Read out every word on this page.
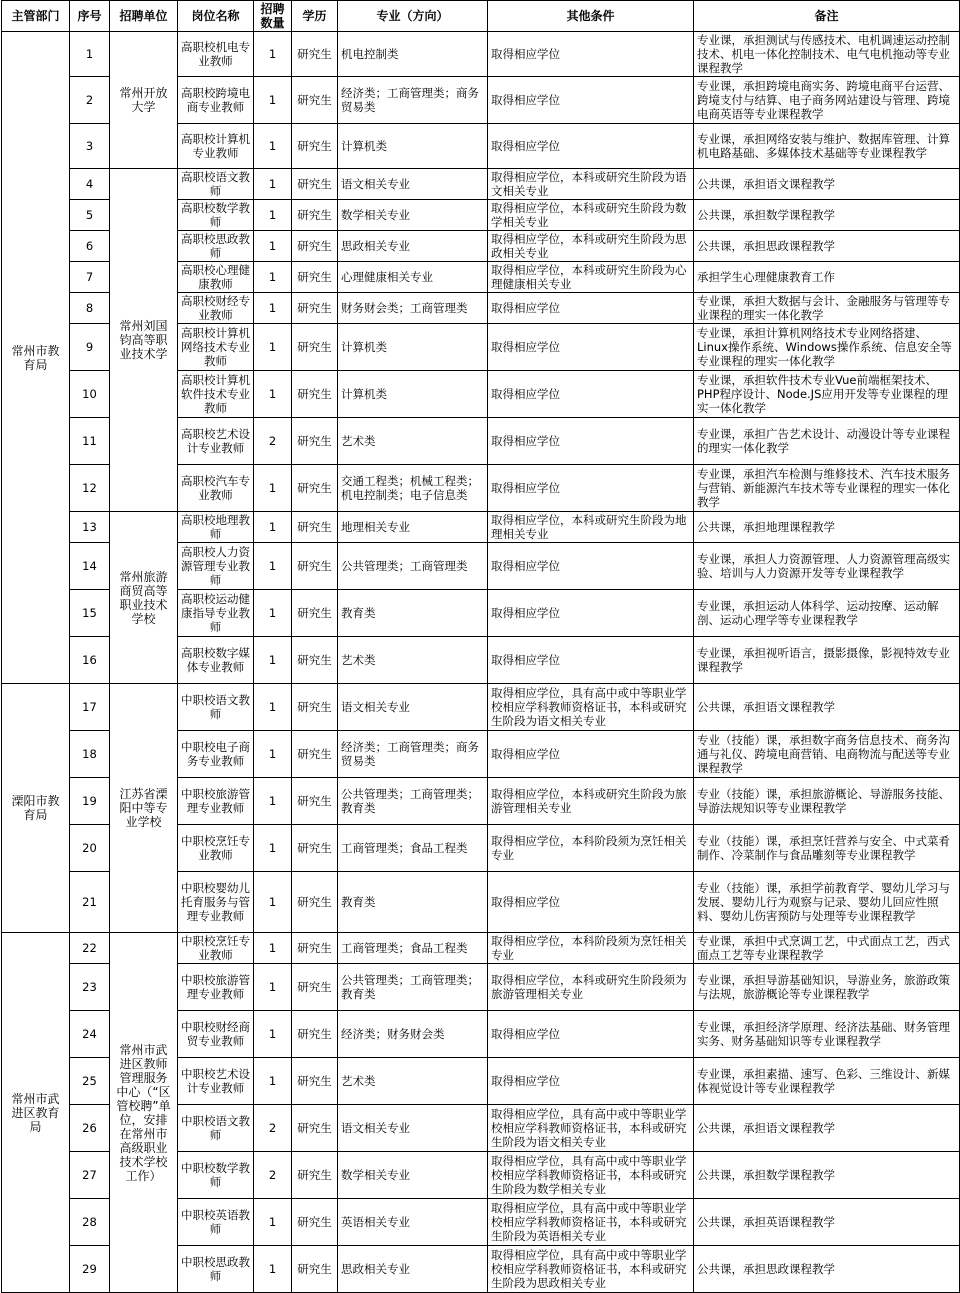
主管部门	序号	招聘单位	岗位名称	招聘数量	学历	专业（方向）	其他条件	备注
常州市教育局	1	常州开放大学	高职校机电专业教师	1	研究生	机电控制类	取得相应学位	专业课，承担测试与传感技术、电机调速运动控制技术、机电一体化控制技术、电气电机拖动等专业课程教学
	2		高职校跨境电商专业教师	1	研究生	经济类；工商管理类；商务贸易类	取得相应学位	专业课，承担跨境电商实务、跨境电商平台运营、跨境支付与结算、电子商务网站建设与管理、跨境电商英语等专业课程教学
	3		高职校计算机专业教师	1	研究生	计算机类	取得相应学位	专业课，承担网络安装与维护、数据库管理、计算机电路基础、多媒体技术基础等专业课程教学
	4	常州刘国钧高等职业技术学	高职校语文教师	1	研究生	语文相关专业	取得相应学位，本科或研究生阶段为语文相关专业	公共课，承担语文课程教学
	5		高职校数学教师	1	研究生	数学相关专业	取得相应学位，本科或研究生阶段为数学相关专业	公共课，承担数学课程教学
	6		高职校思政教师	1	研究生	思政相关专业	取得相应学位，本科或研究生阶段为思政相关专业	公共课，承担思政课程教学
	7		高职校心理健康教师	1	研究生	心理健康相关专业	取得相应学位，本科或研究生阶段为心理健康相关专业	承担学生心理健康教育工作
	8		高职校财经专业教师	1	研究生	财务财会类；工商管理类	取得相应学位	专业课，承担大数据与会计、金融服务与管理等专业课程的理实一体化教学
	9		高职校计算机网络技术专业教师	1	研究生	计算机类	取得相应学位	专业课，承担计算机网络技术专业网络搭建、Linux操作系统、Windows操作系统、信息安全等专业课程的理实一体化教学
	10		高职校计算机软件技术专业教师	1	研究生	计算机类	取得相应学位	专业课，承担软件技术专业Vue前端框架技术、PHP程序设计、Node.JS应用开发等专业课程的理实一体化教学
	11		高职校艺术设计专业教师	2	研究生	艺术类	取得相应学位	专业课，承担广告艺术设计、动漫设计等专业课程的理实一体化教学
	12		高职校汽车专业教师	1	研究生	交通工程类；机械工程类；机电控制类；电子信息类	取得相应学位	专业课，承担汽车检测与维修技术、汽车技术服务与营销、新能源汽车技术等专业课程的理实一体化教学
	13	常州旅游商贸高等职业技术学校	高职校地理教师	1	研究生	地理相关专业	取得相应学位，本科或研究生阶段为地理相关专业	公共课，承担地理课程教学
	14		高职校人力资源管理专业教师	1	研究生	公共管理类；工商管理类	取得相应学位	专业课，承担人力资源管理、人力资源管理高级实验、培训与人力资源开发等专业课程教学
	15		高职校运动健康指导专业教师	1	研究生	教育类	取得相应学位	专业课，承担运动人体科学、运动按摩、运动解剖、运动心理学等专业课程教学
	16		高职校数字媒体专业教师	1	研究生	艺术类	取得相应学位	专业课，承担视听语言，摄影摄像，影视特效专业课程教学
溧阳市教育局	17	江苏省溧阳中等专业学校	中职校语文教师	1	研究生	语文相关专业	取得相应学位，具有高中或中等职业学校相应学科教师资格证书，本科或研究生阶段为语文相关专业	公共课，承担语文课程教学
	18		中职校电子商务专业教师	1	研究生	经济类；工商管理类；商务贸易类	取得相应学位	专业（技能）课，承担数字商务信息技术、商务沟通与礼仪、跨境电商营销、电商物流与配送等专业课程教学
	19		中职校旅游管理专业教师	1	研究生	公共管理类；工商管理类；教育类	取得相应学位，本科或研究生阶段为旅游管理相关专业	专业（技能）课，承担旅游概论、导游服务技能、导游法规知识等专业课程教学
	20		中职校烹饪专业教师	1	研究生	工商管理类；食品工程类	取得相应学位，本科阶段须为烹饪相关专业	专业（技能）课，承担烹饪营养与安全、中式菜肴制作、冷菜制作与食品雕刻等专业课程教学
	21		中职校婴幼儿托育服务与管理专业教师	1	研究生	教育类	取得相应学位	专业（技能）课，承担学前教育学、婴幼儿学习与发展、婴幼儿行为观察与记录、婴幼儿回应性照料、婴幼儿伤害预防与处理等专业课程教学
常州市武进区教育局	22	常州市武进区教师管理服务中心（“区管校聘”单位，安排在常州市高级职业技术学校工作）	中职校烹饪专业教师	1	研究生	工商管理类；食品工程类	取得相应学位，本科阶段须为烹饪相关专业	专业课，承担中式烹调工艺，中式面点工艺，西式面点工艺等专业课程教学
	23		中职校旅游管理专业教师	1	研究生	公共管理类；工商管理类；教育类	取得相应学位，本科或研究生阶段须为旅游管理相关专业	专业课，承担导游基础知识，导游业务，旅游政策与法规，旅游概论等专业课程教学
	24		中职校财经商贸专业教师	1	研究生	经济类；财务财会类	取得相应学位	专业课，承担经济学原理、经济法基础、财务管理实务、财务基础知识等专业课程教学
	25		中职校艺术设计专业教师	1	研究生	艺术类	取得相应学位	专业课，承担素描、速写、色彩、三维设计、新媒体视觉设计等专业课程教学
	26		中职校语文教师	2	研究生	语文相关专业	取得相应学位，具有高中或中等职业学校相应学科教师资格证书，本科或研究生阶段为语文相关专业	公共课，承担语文课程教学
	27		中职校数学教师	2	研究生	数学相关专业	取得相应学位，具有高中或中等职业学校相应学科教师资格证书，本科或研究生阶段为数学相关专业	公共课，承担数学课程教学
	28		中职校英语教师	1	研究生	英语相关专业	取得相应学位，具有高中或中等职业学校相应学科教师资格证书，本科或研究生阶段为英语相关专业	公共课，承担英语课程教学
	29		中职校思政教师	1	研究生	思政相关专业	取得相应学位，具有高中或中等职业学校相应学科教师资格证书，本科或研究生阶段为思政相关专业	公共课，承担思政课程教学
